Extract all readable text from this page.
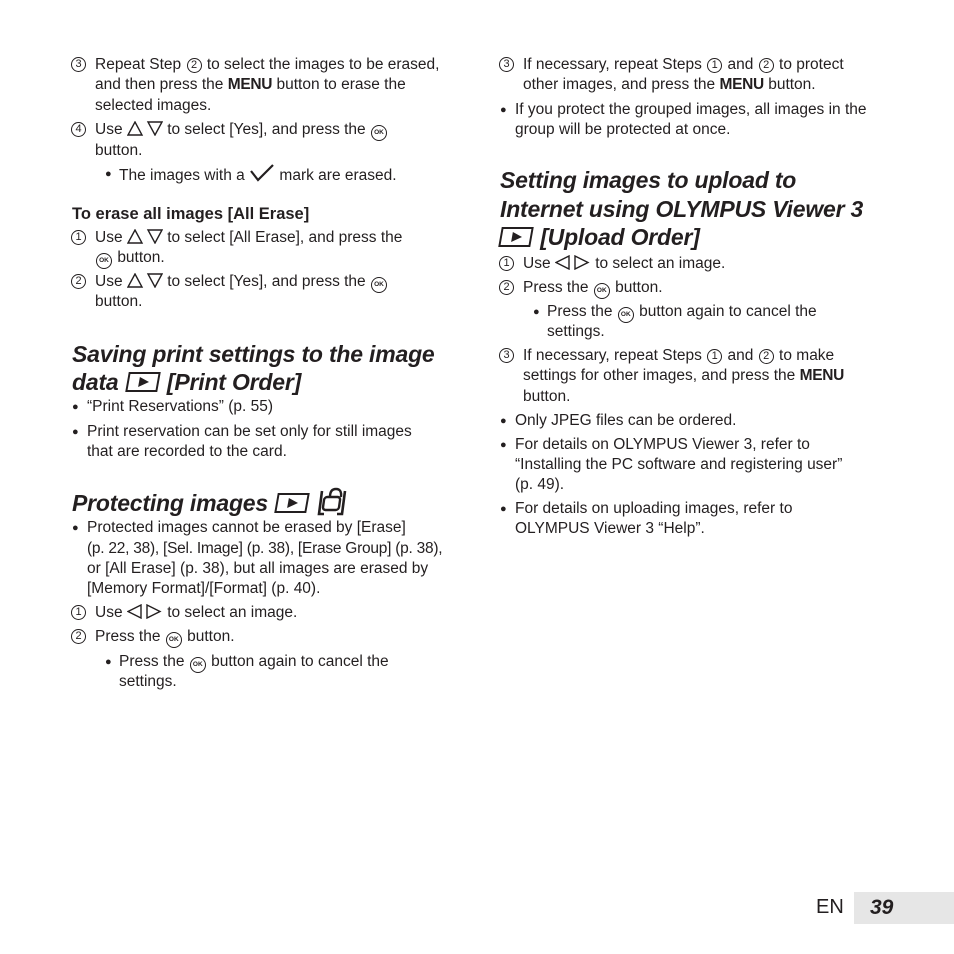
3 Repeat Step 2 to select the images to be erased,
and then press the MENU button to erase the
selected images.
4 Use	to select [Yes], and press the OK
button.
● The images with a mark are erased.
To erase all images [All Erase]
1 Use	to select [All Erase], and press the
OK button.
2 Use	to select [Yes], and press the OK
button.
Saving print settings to the image
data [Print Order]
● “Print Reservations” (p. 55)
● Print reservation can be set only for still images
that are recorded to the card.
Protecting images
● Protected images cannot be erased by [Erase]
(p. 22, 38), [Sel. Image] (p. 38), [Erase Group] (p. 38),
or [All Erase] (p. 38), but all images are erased by
[Memory Format]/[Format] (p. 40).
1 Use	to select an image.
2 Press the OK button.
● Press the OK button again to cancel the
settings.
3 If necessary, repeat Steps 1 and 2 to protect
other images, and press the MENU button.
● If you protect the grouped images, all images in the
group will be protected at once.
Setting images to upload to
Internet using OLYMPUS Viewer 3
[Upload Order]
1 Use	to select an image.
2 Press the OK button.
● Press the OK button again to cancel the
settings.
3 If necessary, repeat Steps 1 and 2 to make
settings for other images, and press the MENU
button.
● Only JPEG files can be ordered.
● For details on OLYMPUS Viewer 3, refer to
“Installing the PC software and registering user”
(p. 49).
● For details on uploading images, refer to
OLYMPUS Viewer 3 “Help”.
EN	39
